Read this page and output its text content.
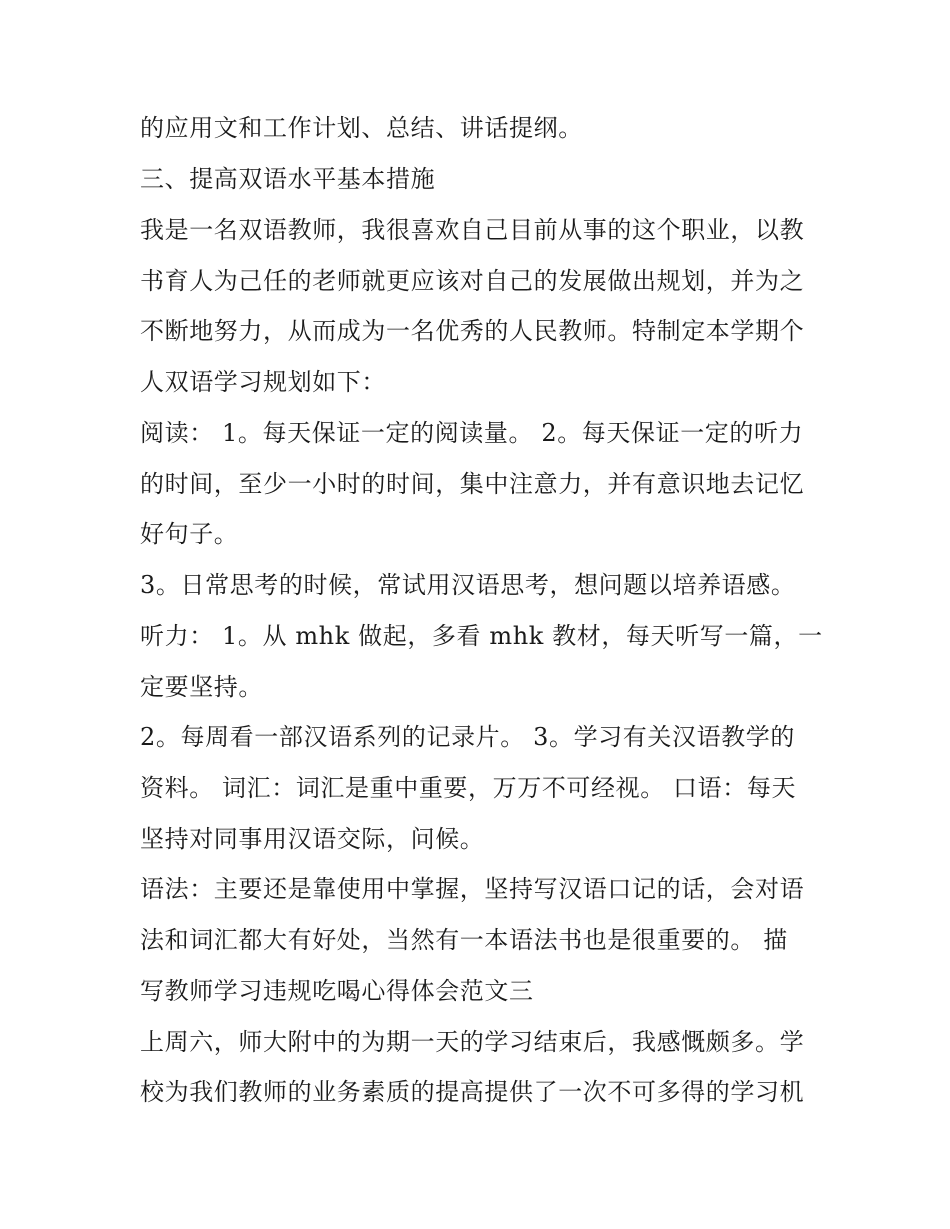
的应用文和工作计划、总结、讲话提纲。
三、提高双语水平基本措施
我是一名双语教师，我很喜欢自己目前从事的这个职业，以教
书育人为己任的老师就更应该对自己的发展做出规划，并为之
不断地努力，从而成为一名优秀的人民教师。特制定本学期个
人双语学习规划如下：
阅读： 1。每天保证一定的阅读量。 2。每天保证一定的听力
的时间，至少一小时的时间，集中注意力，并有意识地去记忆
好句子。
3。日常思考的时候，常试用汉语思考，想问题以培养语感。
听力： 1。从 mhk 做起，多看 mhk 教材，每天听写一篇，一
定要坚持。
2。每周看一部汉语系列的记录片。 3。学习有关汉语教学的
资料。 词汇：词汇是重中重要，万万不可经视。 口语：每天
坚持对同事用汉语交际，问候。
语法：主要还是靠使用中掌握，坚持写汉语口记的话，会对语
法和词汇都大有好处，当然有一本语法书也是很重要的。 描
写教师学习违规吃喝心得体会范文三
上周六，师大附中的为期一天的学习结束后，我感慨颇多。学
校为我们教师的业务素质的提高提供了一次不可多得的学习机
